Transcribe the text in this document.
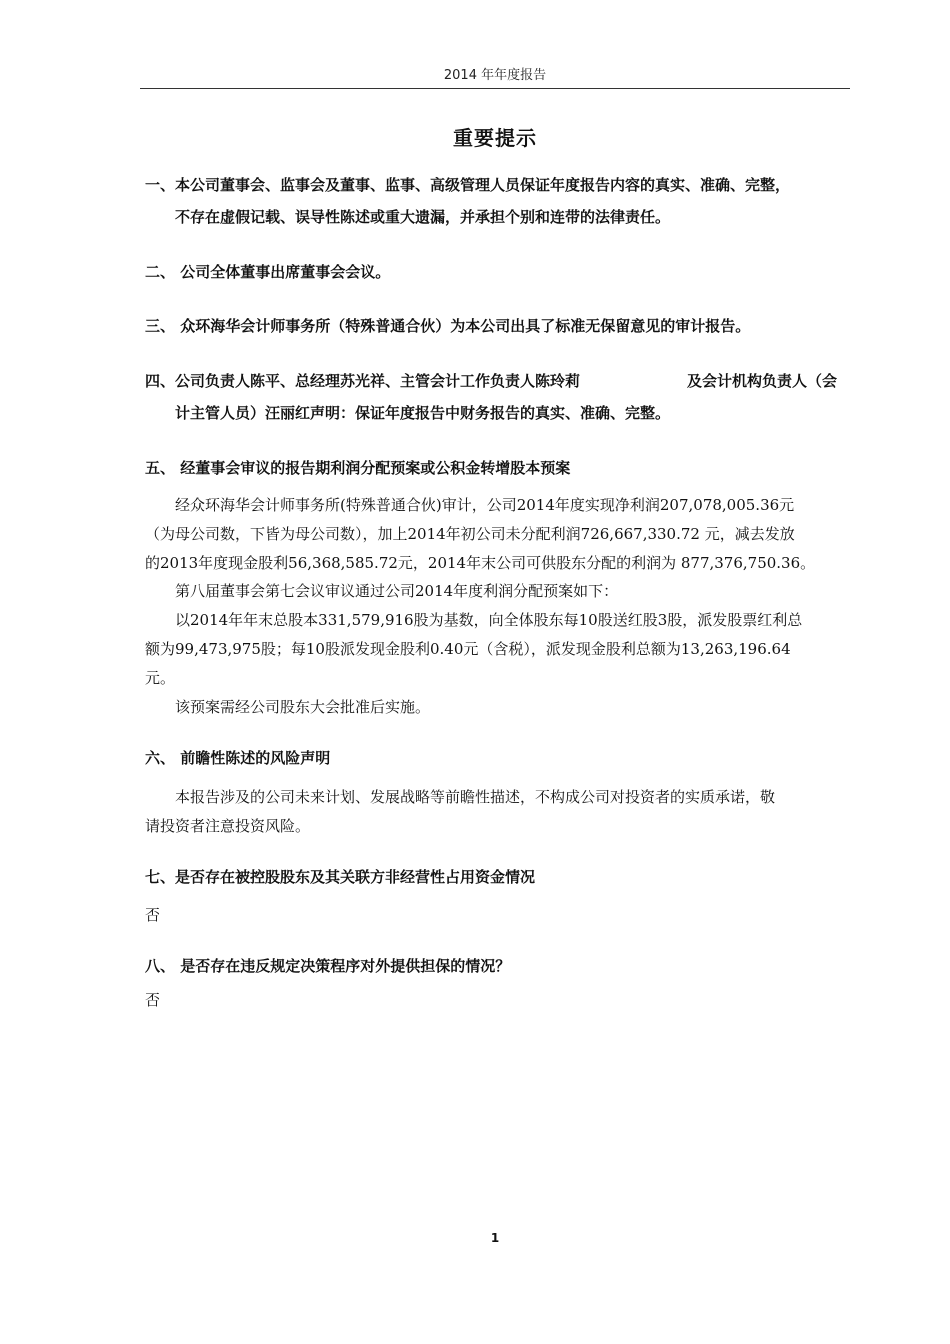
2014 年年度报告
重要提示
一、本公司董事会、监事会及董事、监事、高级管理人员保证年度报告内容的真实、准确、完整，
不存在虚假记载、误导性陈述或重大遗漏，并承担个别和连带的法律责任。
二、 公司全体董事出席董事会会议。
三、 众环海华会计师事务所（特殊普通合伙）为本公司出具了标准无保留意见的审计报告。
四、公司负责人陈平、总经理苏光祥、主管会计工作负责人陈玲莉	及会计机构负责人（会
计主管人员）汪丽红声明：保证年度报告中财务报告的真实、准确、完整。
五、 经董事会审议的报告期利润分配预案或公积金转增股本预案
经众环海华会计师事务所(特殊普通合伙)审计，公司2014年度实现净利润207,078,005.36元
（为母公司数，下皆为母公司数），加上2014年初公司未分配利润726,667,330.72 元，减去发放
的2013年度现金股利56,368,585.72元，2014年末公司可供股东分配的利润为 877,376,750.36。
第八届董事会第七会议审议通过公司2014年度利润分配预案如下：
以2014年年末总股本331,579,916股为基数，向全体股东每10股送红股3股，派发股票红利总
额为99,473,975股；每10股派发现金股利0.40元（含税），派发现金股利总额为13,263,196.64
元。
该预案需经公司股东大会批准后实施。
六、 前瞻性陈述的风险声明
本报告涉及的公司未来计划、发展战略等前瞻性描述，不构成公司对投资者的实质承诺，敬
请投资者注意投资风险。
七、是否存在被控股股东及其关联方非经营性占用资金情况
否
八、 是否存在违反规定决策程序对外提供担保的情况？
否
1
